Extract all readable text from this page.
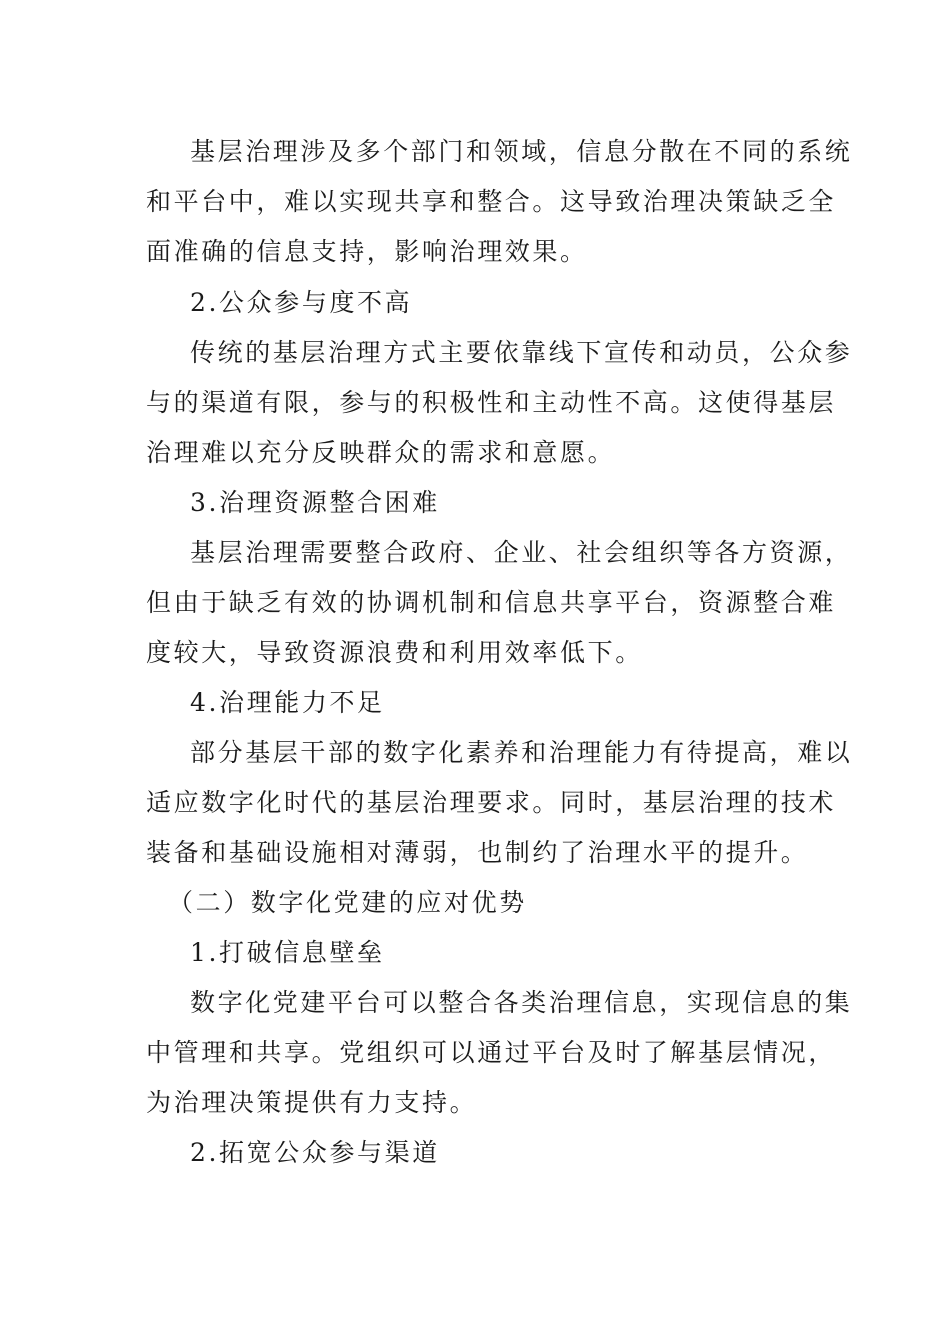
基层治理涉及多个部门和领域，信息分散在不同的系统

和平台中，难以实现共享和整合。这导致治理决策缺乏全

面准确的信息支持，影响治理效果。

2.公众参与度不高

传统的基层治理方式主要依靠线下宣传和动员，公众参

与的渠道有限，参与的积极性和主动性不高。这使得基层

治理难以充分反映群众的需求和意愿。

3.治理资源整合困难

基层治理需要整合政府、企业、社会组织等各方资源，

但由于缺乏有效的协调机制和信息共享平台，资源整合难

度较大，导致资源浪费和利用效率低下。

4.治理能力不足

部分基层干部的数字化素养和治理能力有待提高，难以

适应数字化时代的基层治理要求。同时，基层治理的技术

装备和基础设施相对薄弱，也制约了治理水平的提升。

（二）数字化党建的应对优势

1.打破信息壁垒

数字化党建平台可以整合各类治理信息，实现信息的集

中管理和共享。党组织可以通过平台及时了解基层情况，

为治理决策提供有力支持。

2.拓宽公众参与渠道
